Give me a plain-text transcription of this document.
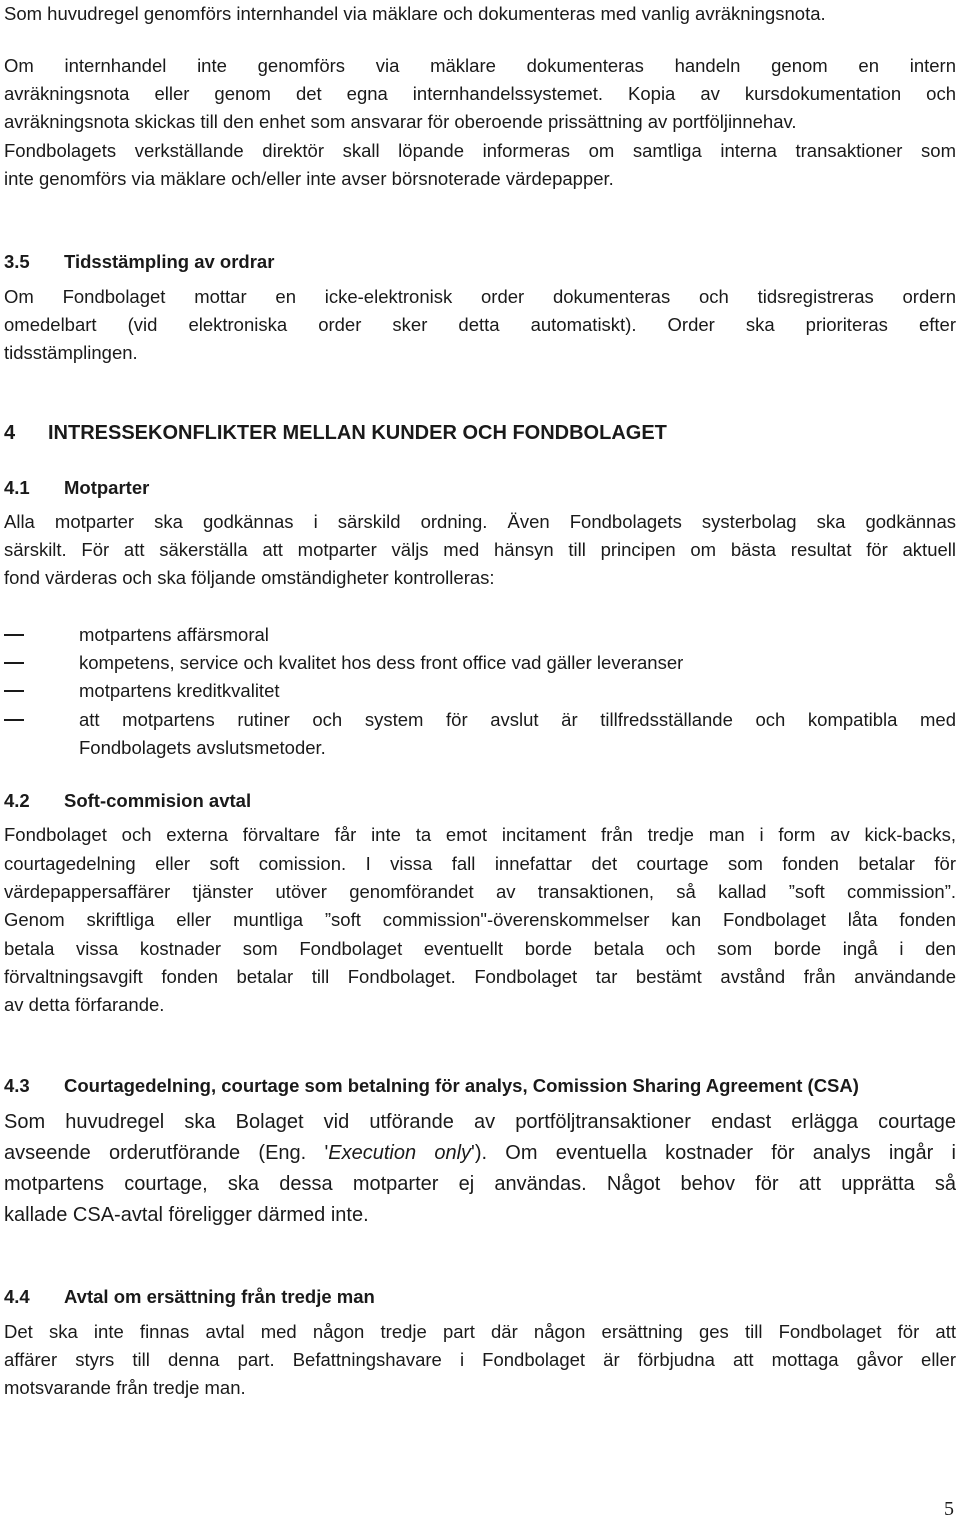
Som huvudregel genomförs internhandel via mäklare och dokumenteras med vanlig avräkningsnota.

Om internhandel inte genomförs via mäklare dokumenteras handeln genom en intern

avräkningsnota eller genom det egna internhandelssystemet. Kopia av kursdokumentation och

avräkningsnota skickas till den enhet som ansvarar för oberoende prissättning av portföljinnehav.

Fondbolagets verkställande direktör skall löpande informeras om samtliga interna transaktioner som

inte genomförs via mäklare och/eller inte avser börsnoterade värdepapper.

3.5 Tidsstämpling av ordrar

Om Fondbolaget mottar en icke-elektronisk order dokumenteras och tidsregistreras ordern

omedelbart (vid elektroniska order sker detta automatiskt). Order ska prioriteras efter

tidsstämplingen.

4 INTRESSEKONFLIKTER MELLAN KUNDER OCH FONDBOLAGET

4.1 Motparter

Alla motparter ska godkännas i särskild ordning. Även Fondbolagets systerbolag ska godkännas

särskilt. För att säkerställa att motparter väljs med hänsyn till principen om bästa resultat för aktuell

fond värderas och ska följande omständigheter kontrolleras:

motpartens affärsmoral
kompetens, service och kvalitet hos dess front office vad gäller leveranser
motpartens kreditkvalitet
att motpartens rutiner och system för avslut är tillfredsställande och kompatibla med
Fondbolagets avslutsmetoder.

4.2 Soft-commision avtal

Fondbolaget och externa förvaltare får inte ta emot incitament från tredje man i form av kick-backs,

courtagedelning eller soft comission. I vissa fall innefattar det courtage som fonden betalar för

värdepappersaffärer tjänster utöver genomförandet av transaktionen, så kallad ”soft commission”.

Genom skriftliga eller muntliga ”soft commission"-överenskommelser kan Fondbolaget låta fonden

betala vissa kostnader som Fondbolaget eventuellt borde betala och som borde ingå i den

förvaltningsavgift fonden betalar till Fondbolaget. Fondbolaget tar bestämt avstånd från användande

av detta förfarande.

4.3 Courtagedelning, courtage som betalning för analys, Comission Sharing Agreement (CSA)

Som huvudregel ska Bolaget vid utförande av portföljtransaktioner endast erlägga courtage

avseende orderutförande (Eng. 'Execution only'). Om eventuella kostnader för analys ingår i

motpartens courtage, ska dessa motparter ej användas. Något behov för att upprätta så

kallade CSA-avtal föreligger därmed inte.

4.4 Avtal om ersättning från tredje man

Det ska inte finnas avtal med någon tredje part där någon ersättning ges till Fondbolaget för att

affärer styrs till denna part. Befattningshavare i Fondbolaget är förbjudna att mottaga gåvor eller

motsvarande från tredje man.

5
